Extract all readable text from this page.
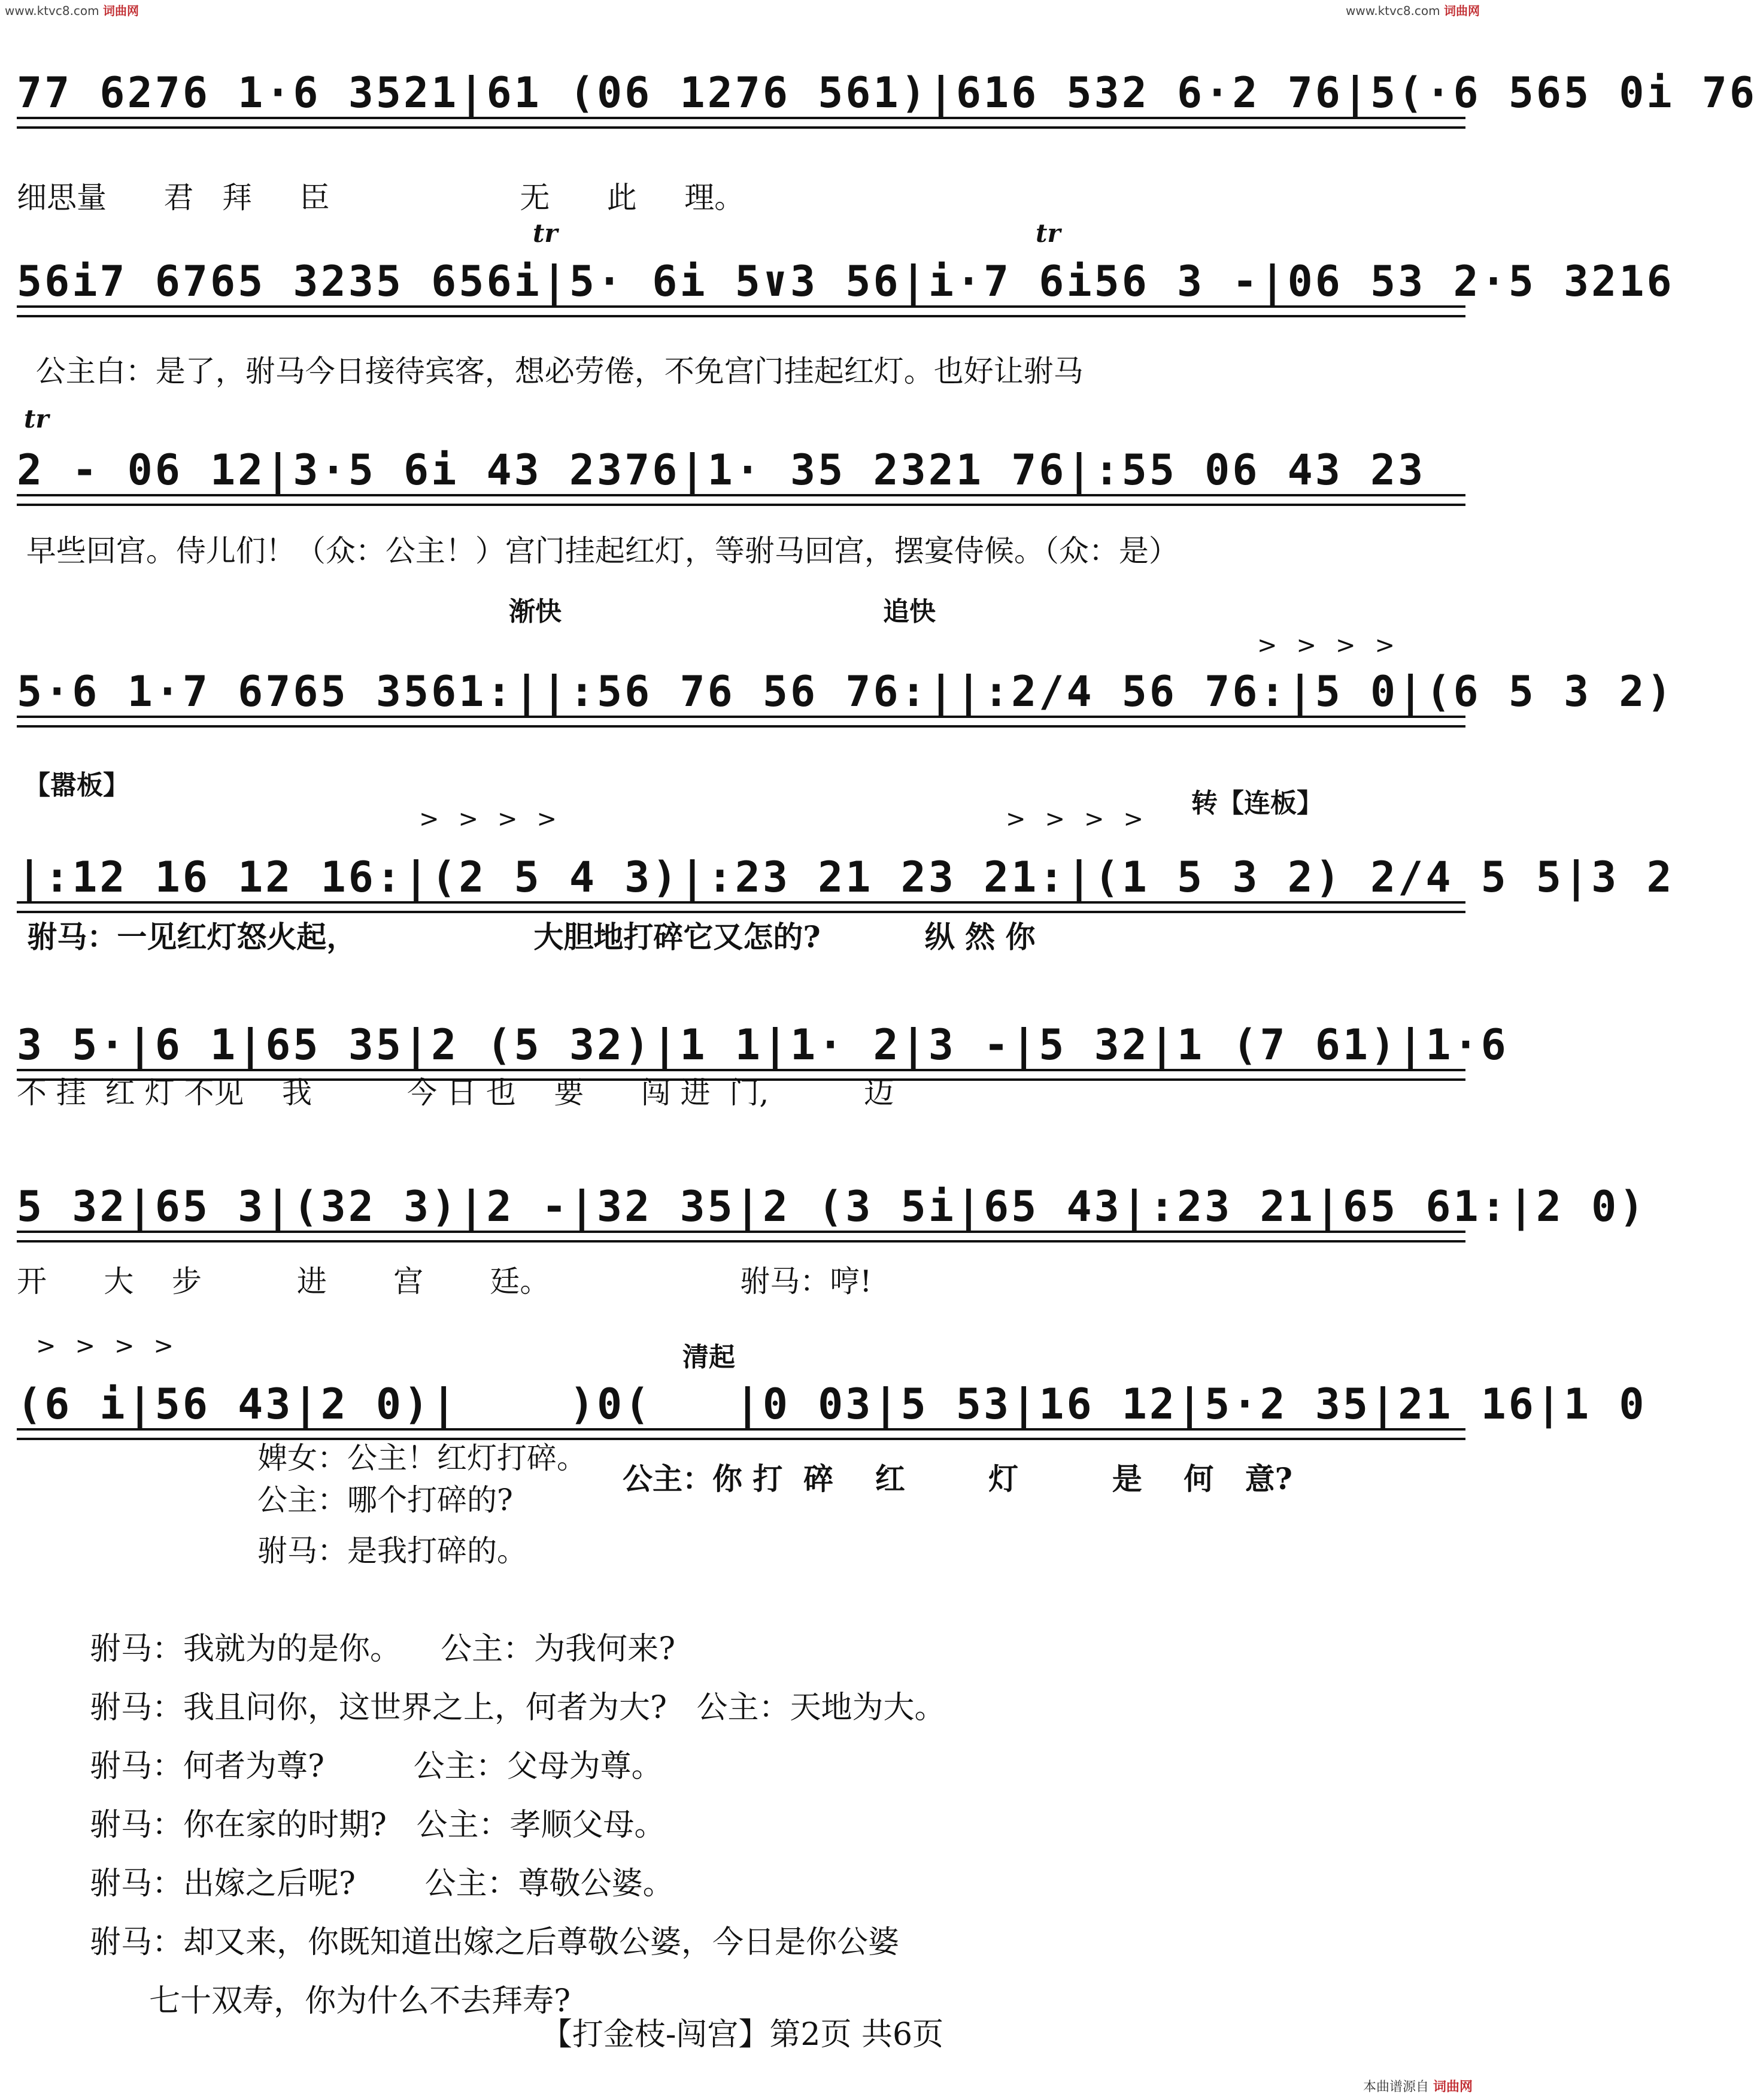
www.ktvc8.com 词曲网	www.ktvc8.com 词曲网
77 6276 1·6 3521|61 (06 1276 561)|616 532 6·2 76|5(·6 565 0i 76
细思量      君   拜     臣                    无      此     理。
tr	tr
56i7 6765 3235 656i|5· 6i 5∨3 56|i·7 6i56 3 -|06 53 2·5 3216
公主白：是了，驸马今日接待宾客，想必劳倦，不免宫门挂起红灯。也好让驸马
tr
2 - 06 12|3·5 6i 43 2376|1· 35 2321 76|:55 06 43 23
早些回宫。侍儿们！（众：公主！）宫门挂起红灯，等驸马回宫，摆宴侍候。（众：是）
渐快	追快
>>>>
5·6 1·7 6765 3561:||:56 76 56 76:||:2/4 56 76:|5 0|(6 5 3 2)
【嚣板】
转【连板】
>>>>	>>>>
|:12 16 12 16:|(2 5 4 3)|:23 21 23 21:|(1 5 3 2) 2/4 5 5|3 2
驸马：一见红灯怒火起，                 大胆地打碎它又怎的?          纵 然 你
3 5·|6 1|65 35|2 (5 32)|1 1|1· 2|3 -|5 32|1 (7 61)|1·6
不 挂  红 灯 不见    我          今 日 也    要      闯 进  门,          迈
5 32|65 3|(32 3)|2 -|32 35|2 (3 5i|65 43|:23 21|65 61:|2 0)
开      大    步          进       宫       廷。                    驸马：哼!
>>>>	清起
(6 i|56 43|2 0)|    )0(   |0 03|5 53|16 12|5·2 35|21 16|1 0
婢女：公主！红灯打碎。
公主：哪个打碎的?
驸马：是我打碎的。
公主：你 打  碎    红        灯         是    何   意?
驸马：我就为的是你。    公主：为我何来?
驸马：我且问你，这世界之上，何者为大?   公主：天地为大。
驸马：何者为尊?         公主：父母为尊。
驸马：你在家的时期?   公主：孝顺父母。
驸马：出嫁之后呢?       公主：尊敬公婆。
驸马：却又来，你既知道出嫁之后尊敬公婆，今日是你公婆
七十双寿，你为什么不去拜寿?
【打金枝-闯宫】第2页 共6页
本曲谱源自 词曲网
